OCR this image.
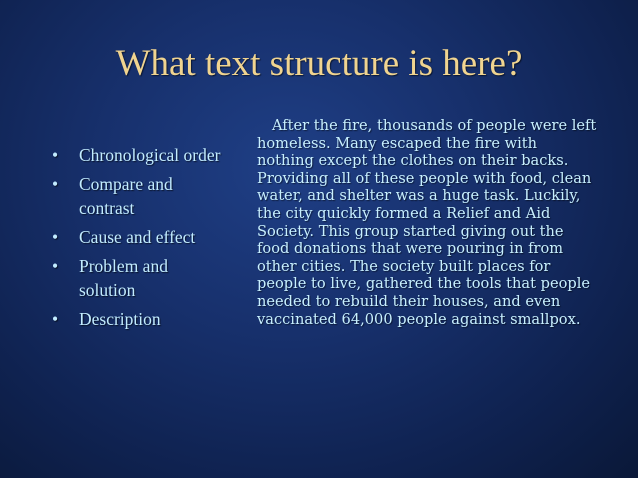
What text structure is here?
• Chronological order
• Compare and contrast
• Cause and effect
• Problem and solution
• Description

After the fire, thousands of people were left homeless. Many escaped the fire with nothing except the clothes on their backs. Providing all of these people with food, clean water, and shelter was a huge task. Luckily, the city quickly formed a Relief and Aid Society. This group started giving out the food donations that were pouring in from other cities. The society built places for people to live, gathered the tools that people needed to rebuild their houses, and even vaccinated 64,000 people against smallpox.
